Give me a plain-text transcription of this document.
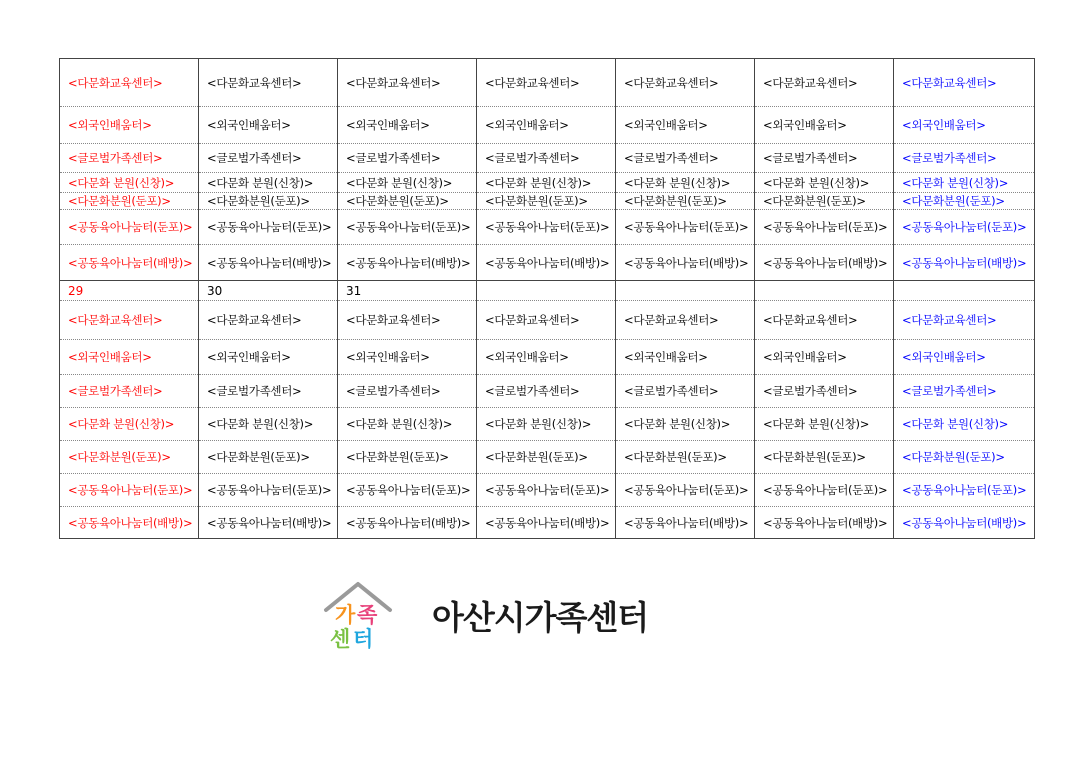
<다문화교육센터>	<다문화교육센터>	<다문화교육센터>	<다문화교육센터>	<다문화교육센터>	<다문화교육센터>	<다문화교육센터>
<외국인배움터>	<외국인배움터>	<외국인배움터>	<외국인배움터>	<외국인배움터>	<외국인배움터>	<외국인배움터>
<글로벌가족센터>	<글로벌가족센터>	<글로벌가족센터>	<글로벌가족센터>	<글로벌가족센터>	<글로벌가족센터>	<글로벌가족센터>
<다문화 분원(신창)>	<다문화 분원(신창)>	<다문화 분원(신창)>	<다문화 분원(신창)>	<다문화 분원(신창)>	<다문화 분원(신창)>	<다문화 분원(신창)>
<다문화분원(둔포)>	<다문화분원(둔포)>	<다문화분원(둔포)>	<다문화분원(둔포)>	<다문화분원(둔포)>	<다문화분원(둔포)>	<다문화분원(둔포)>
<공동육아나눔터(둔포)>	<공동육아나눔터(둔포)>	<공동육아나눔터(둔포)>	<공동육아나눔터(둔포)>	<공동육아나눔터(둔포)>	<공동육아나눔터(둔포)>	<공동육아나눔터(둔포)>
<공동육아나눔터(배방)>	<공동육아나눔터(배방)>	<공동육아나눔터(배방)>	<공동육아나눔터(배방)>	<공동육아나눔터(배방)>	<공동육아나눔터(배방)>	<공동육아나눔터(배방)>
29	30	31				
<다문화교육센터>	<다문화교육센터>	<다문화교육센터>	<다문화교육센터>	<다문화교육센터>	<다문화교육센터>	<다문화교육센터>
<외국인배움터>	<외국인배움터>	<외국인배움터>	<외국인배움터>	<외국인배움터>	<외국인배움터>	<외국인배움터>
<글로벌가족센터>	<글로벌가족센터>	<글로벌가족센터>	<글로벌가족센터>	<글로벌가족센터>	<글로벌가족센터>	<글로벌가족센터>
<다문화 분원(신창)>	<다문화 분원(신창)>	<다문화 분원(신창)>	<다문화 분원(신창)>	<다문화 분원(신창)>	<다문화 분원(신창)>	<다문화 분원(신창)>
<다문화분원(둔포)>	<다문화분원(둔포)>	<다문화분원(둔포)>	<다문화분원(둔포)>	<다문화분원(둔포)>	<다문화분원(둔포)>	<다문화분원(둔포)>
<공동육아나눔터(둔포)>	<공동육아나눔터(둔포)>	<공동육아나눔터(둔포)>	<공동육아나눔터(둔포)>	<공동육아나눔터(둔포)>	<공동육아나눔터(둔포)>	<공동육아나눔터(둔포)>
<공동육아나눔터(배방)>	<공동육아나눔터(배방)>	<공동육아나눔터(배방)>	<공동육아나눔터(배방)>	<공동육아나눔터(배방)>	<공동육아나눔터(배방)>	<공동육아나눔터(배방)>
가 족
센 터
아산시가족센터
